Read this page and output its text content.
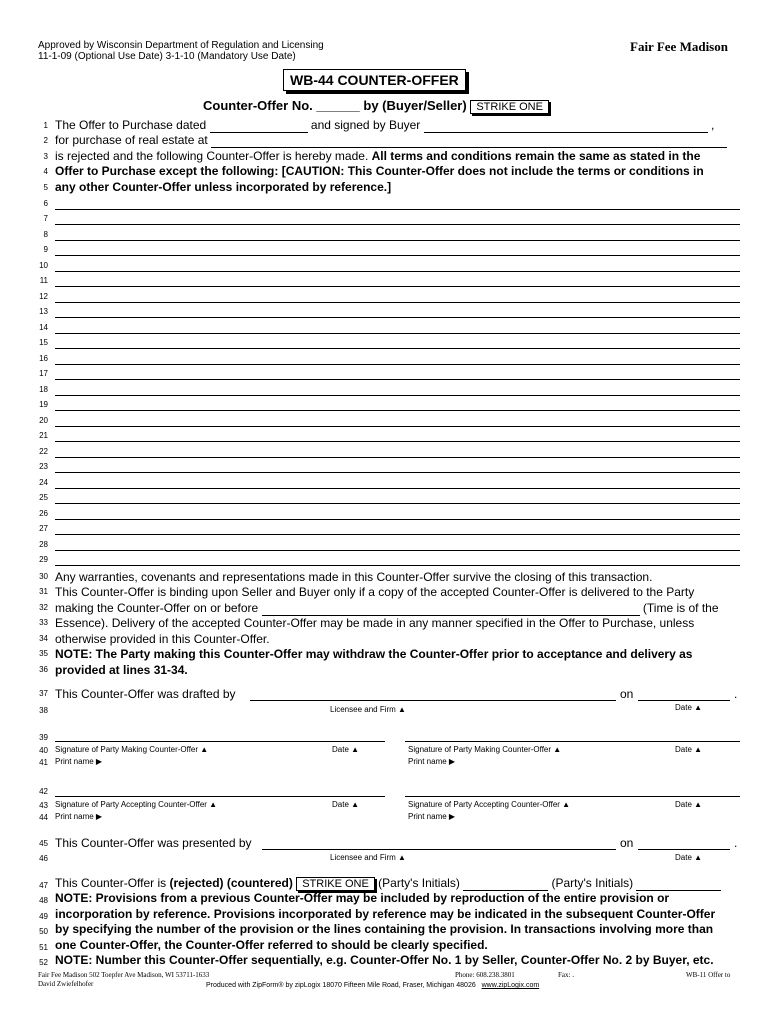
Approved by Wisconsin Department of Regulation and Licensing
11-1-09 (Optional Use Date) 3-1-10 (Mandatory Use Date)
Fair Fee Madison
WB-44 COUNTER-OFFER
Counter-Offer No. ______ by (Buyer/Seller) STRIKE ONE
1
2
3
4
5
6
7
8
9
10
11
12
13
14
15
16
17
18
19
20
21
22
23
24
25
26
27
28
29
30
31
32
33
34
35
36
37
38
39
40
41
42
43
44
45
46
47
48
49
50
51
52
The Offer to Purchase dated	and signed by Buyer	,
for purchase of real estate at
is rejected and the following Counter-Offer is hereby made. All terms and conditions remain the same as stated in the
Offer to Purchase except the following: [CAUTION: This Counter-Offer does not include the terms or conditions in
any other Counter-Offer unless incorporated by reference.]
Any warranties, covenants and representations made in this Counter-Offer survive the closing of this transaction.
This Counter-Offer is binding upon Seller and Buyer only if a copy of the accepted Counter-Offer is delivered to the Party
making the Counter-Offer on or before	(Time is of the
Essence). Delivery of the accepted Counter-Offer may be made in any manner specified in the Offer to Purchase, unless
otherwise provided in this Counter-Offer.
NOTE: The Party making this Counter-Offer may withdraw the Counter-Offer prior to acceptance and delivery as
provided at lines 31-34.
This Counter-Offer was drafted by	on	.
Licensee and Firm ▲	Date ▲
Signature of Party Making Counter-Offer ▲	Date ▲	Signature of Party Making Counter-Offer ▲	Date ▲
Print name ▶	Print name ▶
Signature of Party Accepting Counter-Offer ▲	Date ▲	Signature of Party Accepting Counter-Offer ▲	Date ▲
Print name ▶	Print name ▶
This Counter-Offer was presented by	on	.
Licensee and Firm ▲	Date ▲
This Counter-Offer is (rejected) (countered) STRIKE ONE (Party's Initials)	(Party's Initials)
NOTE: Provisions from a previous Counter-Offer may be included by reproduction of the entire provision or
incorporation by reference. Provisions incorporated by reference may be indicated in the subsequent Counter-Offer
by specifying the number of the provision or the lines containing the provision. In transactions involving more than
one Counter-Offer, the Counter-Offer referred to should be clearly specified.
NOTE: Number this Counter-Offer sequentially, e.g. Counter-Offer No. 1 by Seller, Counter-Offer No. 2 by Buyer, etc.
Fair Fee Madison 502 Toepfer Ave Madison, WI 53711-1633
David Zwiefelhofer
Phone: 608.238.3801	Fax: .	WB-11 Offer to
Produced with ZipForm® by zipLogix 18070 Fifteen Mile Road, Fraser, Michigan 48026 www.zipLogix.com
